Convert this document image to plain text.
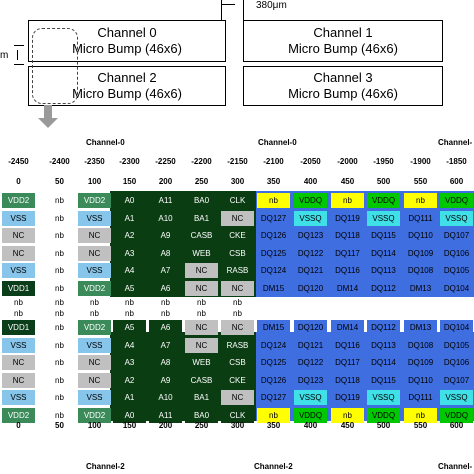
380μm
m
Channel 0
Micro Bump (46x6)
Channel 1
Micro Bump (46x6)
Channel 2
Micro Bump (46x6)
Channel 3
Micro Bump (46x6)
Channel-0	Channel-0	Channel-
-2450	-2400	-2350	-2300	-2250	-2200	-2150	-2100	-2050	-2000	-1950	-1900	-1850
0	50	100	150	200	250	300	350	400	450	500	550	600
VDD2	nb	VDD2	A0	A11	BA0	CLK	nb	VDDQ	nb	VDDQ	nb	VDDQ
VSS	nb	VSS	A1	A10	BA1	NC	DQ127	VSSQ	DQ119	VSSQ	DQ111	VSSQ
NC	nb	NC	A2	A9	CASB	CKE	DQ126	DQ123	DQ118	DQ115	DQ110	DQ107
NC	nb	NC	A3	A8	WEB	CSB	DQ125	DQ122	DQ117	DQ114	DQ109	DQ106
VSS	nb	VSS	A4	A7	NC	RASB	DQ124	DQ121	DQ116	DQ113	DQ108	DQ105
VDD1	nb	VDD2	A5	A6	NC	NC	DM15	DQ120	DM14	DQ112	DM13	DQ104
nb	nb	nb	nb	nb	nb	nb
nb	nb	nb	nb	nb	nb	nb
VDD1	nb	VDD2	A5	A6	NC	NC	DM15	DQ120	DM14	DQ112	DM13	DQ104
VSS	nb	VSS	A4	A7	NC	RASB	DQ124	DQ121	DQ116	DQ113	DQ108	DQ105
NC	nb	NC	A3	A8	WEB	CSB	DQ125	DQ122	DQ117	DQ114	DQ109	DQ106
NC	nb	NC	A2	A9	CASB	CKE	DQ126	DQ123	DQ118	DQ115	DQ110	DQ107
VSS	nb	VSS	A1	A10	BA1	NC	DQ127	VSSQ	DQ119	VSSQ	DQ111	VSSQ
VDD2	nb	VDD2	A0	A11	BA0	CLK	nb	VDDQ	nb	VDDQ	nb	VDDQ
0	50	100	150	200	250	300	350	400	450	500	550	600
Channel-2	Channel-2	Channel-
